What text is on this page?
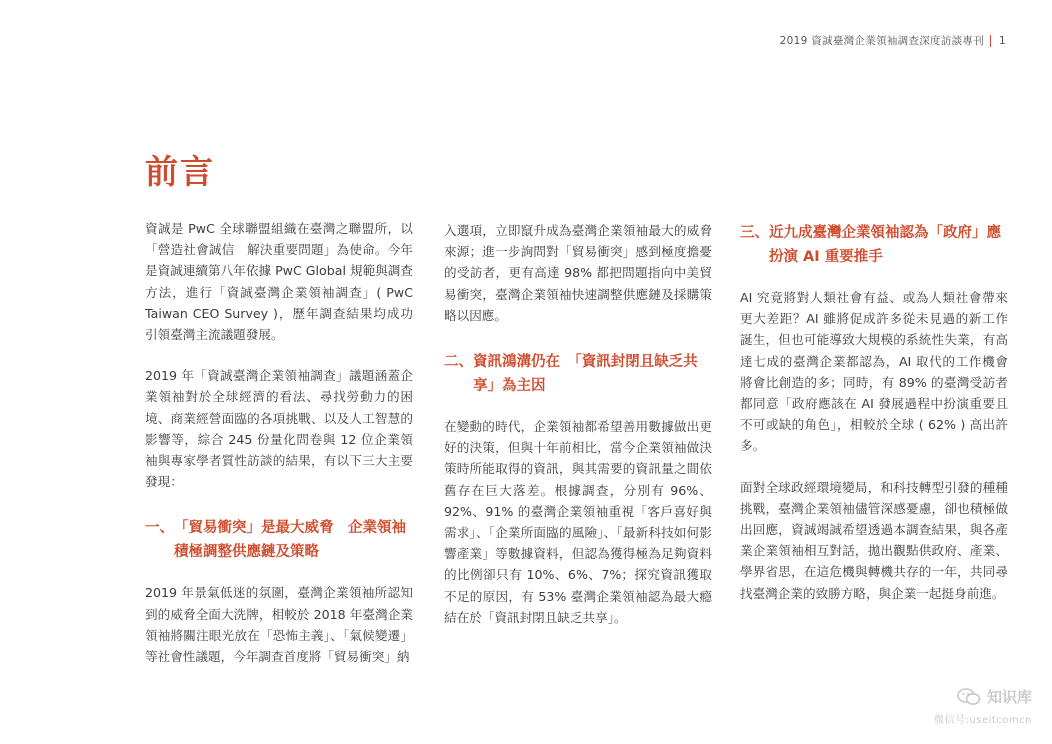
2019 資誠臺灣企業領袖調查深度訪談專刊 1
前言

資誠是 PwC 全球聯盟組織在臺灣之聯盟所，以「營造社會誠信　解決重要問題」為使命。今年是資誠連續第八年依據 PwC Global 規範與調查方法，進行「資誠臺灣企業領袖調查」( PwC Taiwan CEO Survey )，歷年調查結果均成功引領臺灣主流議題發展。

2019 年「資誠臺灣企業領袖調查」議題涵蓋企業領袖對於全球經濟的看法、尋找勞動力的困境、商業經營面臨的各項挑戰、以及人工智慧的影響等，綜合 245 份量化問卷與 12 位企業領袖與專家學者質性訪談的結果，有以下三大主要發現：

一、 「貿易衝突」是最大威脅　企業領袖積極調整供應鏈及策略

2019 年景氣低迷的氛圍，臺灣企業領袖所認知到的威脅全面大洗牌，相較於 2018 年臺灣企業領袖將關注眼光放在「恐怖主義」、「氣候變遷」等社會性議題，今年調查首度將「貿易衝突」納

入選項，立即竄升成為臺灣企業領袖最大的威脅來源；進一步詢問對「貿易衝突」感到極度擔憂的受訪者，更有高達 98% 都把問題指向中美貿易衝突，臺灣企業領袖快速調整供應鏈及採購策略以因應。

二、 資訊鴻溝仍在　「資訊封閉且缺乏共享」為主因

在變動的時代，企業領袖都希望善用數據做出更好的決策，但與十年前相比，當今企業領袖做決策時所能取得的資訊，與其需要的資訊量之間依舊存在巨大落差。根據調查，分別有 96%、92%、91% 的臺灣企業領袖重視「客戶喜好與需求」、「企業所面臨的風險」、「最新科技如何影響產業」等數據資料，但認為獲得極為足夠資料的比例卻只有 10%、6%、7%；探究資訊獲取不足的原因，有 53% 臺灣企業領袖認為最大瘾結在於「資訊封閉且缺乏共享」。

三、 近九成臺灣企業領袖認為「政府」應扮演 AI 重要推手

AI 究竟將對人類社會有益、或為人類社會帶來更大差距？AI 雖將促成許多從未見過的新工作誕生，但也可能導致大規模的系統性失業，有高達七成的臺灣企業都認為，AI 取代的工作機會將會比創造的多；同時，有 89% 的臺灣受訪者都同意「政府應該在 AI 發展過程中扮演重要且不可或缺的角色」，相較於全球 ( 62% ) 高出許多。

面對全球政經環境變局，和科技轉型引發的種種挑戰，臺灣企業領袖儘管深感憂慮，卻也積極做出回應，資誠竭誠希望透過本調查結果，與各產業企業領袖相互對話，拋出觀點供政府、產業、學界省思，在這危機與轉機共存的一年，共同尋找臺灣企業的致勝方略，與企業一起挺身前進。

知识库
微信号:useitcomcn
